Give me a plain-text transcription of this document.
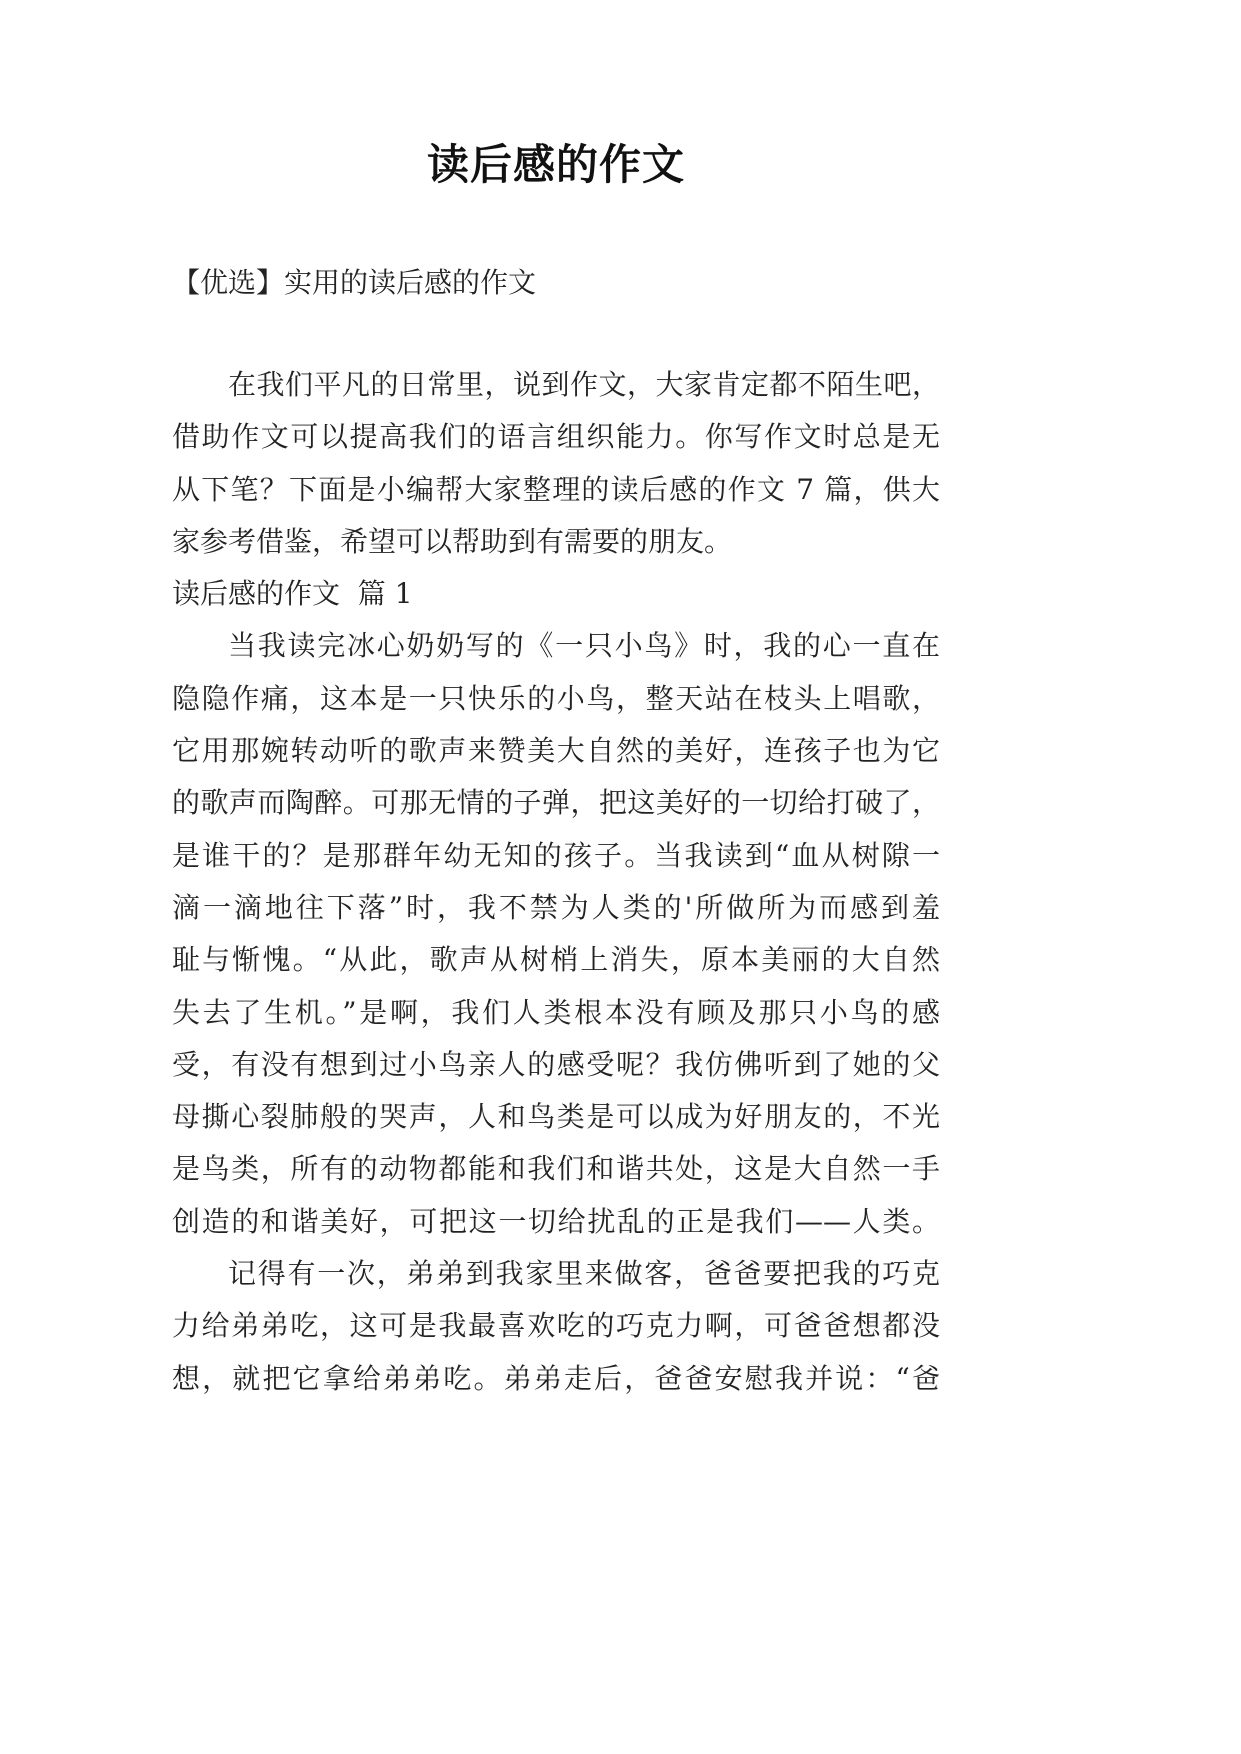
读后感的作文
【优选】实用的读后感的作文
在我们平凡的日常里，说到作文，大家肯定都不陌生吧，
借助作文可以提高我们的语言组织能力。你写作文时总是无
从下笔？下面是小编帮大家整理的读后感的作文 7 篇，供大
家参考借鉴，希望可以帮助到有需要的朋友。
读后感的作文  篇 1
当我读完冰心奶奶写的《一只小鸟》时，我的心一直在
隐隐作痛，这本是一只快乐的小鸟，整天站在枝头上唱歌，
它用那婉转动听的歌声来赞美大自然的美好，连孩子也为它
的歌声而陶醉。可那无情的子弹，把这美好的一切给打破了，
是谁干的？是那群年幼无知的孩子。当我读到“血从树隙一
滴一滴地往下落”时，我不禁为人类的'所做所为而感到羞
耻与惭愧。“从此，歌声从树梢上消失，原本美丽的大自然
失去了生机。”是啊，我们人类根本没有顾及那只小鸟的感
受，有没有想到过小鸟亲人的感受呢？我仿佛听到了她的父
母撕心裂肺般的哭声，人和鸟类是可以成为好朋友的，不光
是鸟类，所有的动物都能和我们和谐共处，这是大自然一手
创造的和谐美好，可把这一切给扰乱的正是我们——人类。
记得有一次，弟弟到我家里来做客，爸爸要把我的巧克
力给弟弟吃，这可是我最喜欢吃的巧克力啊，可爸爸想都没
想，就把它拿给弟弟吃。弟弟走后，爸爸安慰我并说：“爸
